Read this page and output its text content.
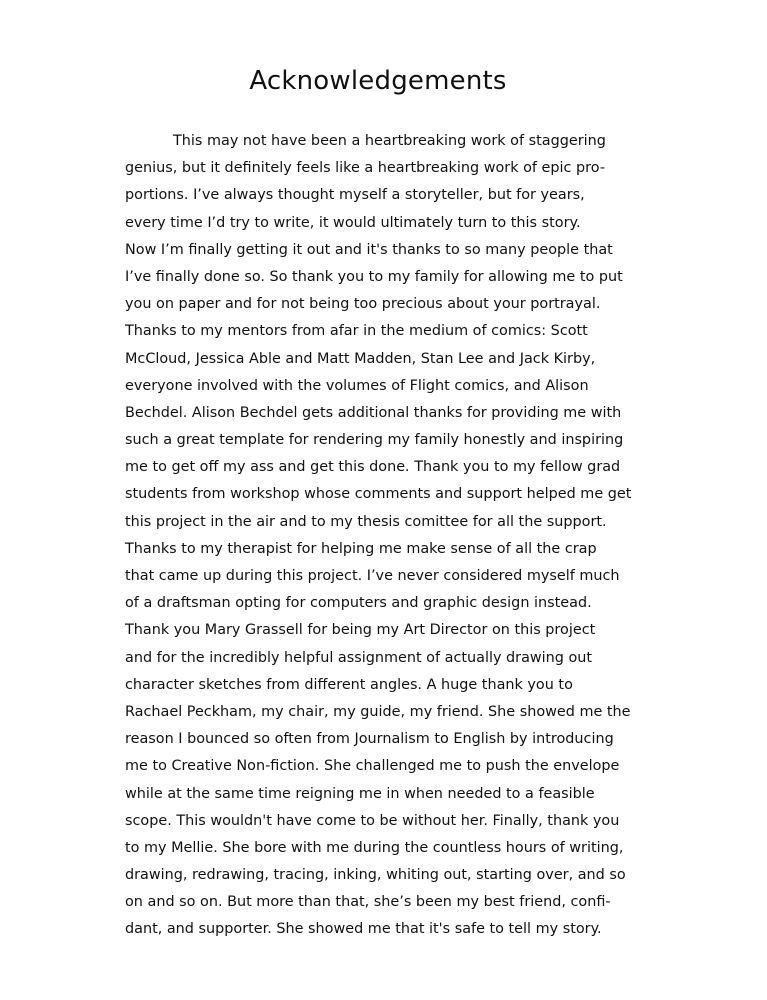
Acknowledgements
This may not have been a heartbreaking work of staggering
genius, but it definitely feels like a heartbreaking work of epic pro-
portions. I’ve always thought myself a storyteller, but for years,
every time I’d try to write, it would ultimately turn to this story.
Now I’m finally getting it out and it's thanks to so many people that
I’ve finally done so. So thank you to my family for allowing me to put
you on paper and for not being too precious about your portrayal.
Thanks to my mentors from afar in the medium of comics: Scott
McCloud, Jessica Able and Matt Madden, Stan Lee and Jack Kirby,
everyone involved with the volumes of Flight comics, and Alison
Bechdel. Alison Bechdel gets additional thanks for providing me with
such a great template for rendering my family honestly and inspiring
me to get off my ass and get this done. Thank you to my fellow grad
students from workshop whose comments and support helped me get
this project in the air and to my thesis comittee for all the support.
Thanks to my therapist for helping me make sense of all the crap
that came up during this project. I’ve never considered myself much
of a draftsman opting for computers and graphic design instead.
Thank you Mary Grassell for being my Art Director on this project
and for the incredibly helpful assignment of actually drawing out
character sketches from different angles. A huge thank you to
Rachael Peckham, my chair, my guide, my friend. She showed me the
reason I bounced so often from Journalism to English by introducing
me to Creative Non-fiction. She challenged me to push the envelope
while at the same time reigning me in when needed to a feasible
scope. This wouldn't have come to be without her. Finally, thank you
to my Mellie. She bore with me during the countless hours of writing,
drawing, redrawing, tracing, inking, whiting out, starting over, and so
on and so on. But more than that, she’s been my best friend, confi-
dant, and supporter. She showed me that it's safe to tell my story.
